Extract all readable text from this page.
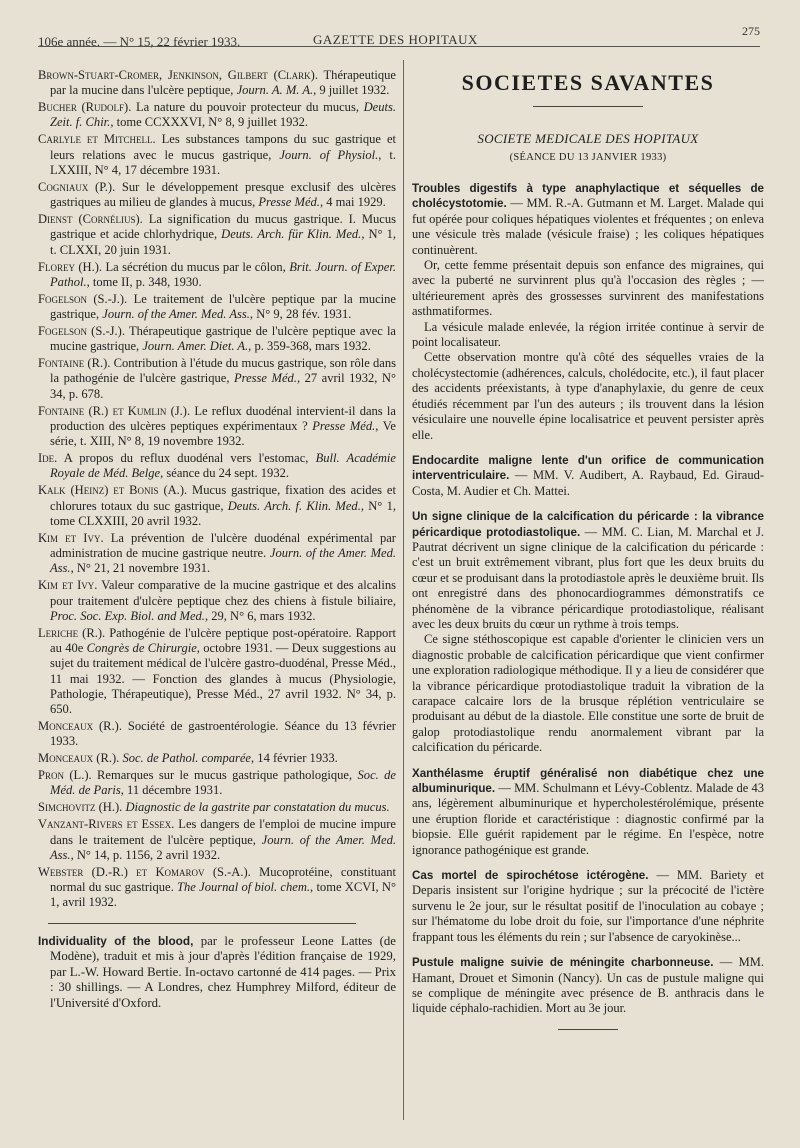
106e année. — N° 15, 22 février 1933.	GAZETTE DES HOPITAUX
275

Brown-Stuart-Cromer, Jenkinson, Gilbert (Clark). Thérapeutique par la mucine dans l'ulcère peptique, Journ. A. M. A., 9 juillet 1932.

Bucher (Rudolf). La nature du pouvoir protecteur du mucus, Deuts. Zeit. f. Chir., tome CCXXXVI, N° 8, 9 juillet 1932.

Carlyle et Mitchell. Les substances tampons du suc gastrique et leurs relations avec le mucus gastrique, Journ. of Physiol., t. LXXIII, N° 4, 17 décembre 1931.

Cogniaux (P.). Sur le développement presque exclusif des ulcères gastriques au milieu de glandes à mucus, Presse Méd., 4 mai 1929.

Dienst (Cornélius). La signification du mucus gastrique. I. Mucus gastrique et acide chlorhydrique, Deuts. Arch. für Klin. Med., N° 1, t. CLXXI, 20 juin 1931.

Florey (H.). La sécrétion du mucus par le côlon, Brit. Journ. of Exper. Pathol., tome II, p. 348, 1930.

Fogelson (S.-J.). Le traitement de l'ulcère peptique par la mucine gastrique, Journ. of the Amer. Med. Ass., N° 9, 28 fév. 1931.

Fogelson (S.-J.). Thérapeutique gastrique de l'ulcère peptique avec la mucine gastrique, Journ. Amer. Diet. A., p. 359-368, mars 1932.

Fontaine (R.). Contribution à l'étude du mucus gastrique, son rôle dans la pathogénie de l'ulcère gastrique, Presse Méd., 27 avril 1932, N° 34, p. 678.

Fontaine (R.) et Kumlin (J.). Le reflux duodénal intervient-il dans la production des ulcères peptiques expérimentaux ? Presse Méd., Ve série, t. XIII, N° 8, 19 novembre 1932.

Ide. A propos du reflux duodénal vers l'estomac, Bull. Académie Royale de Méd. Belge, séance du 24 sept. 1932.

Kalk (Heinz) et Bonis (A.). Mucus gastrique, fixation des acides et chlorures totaux du suc gastrique, Deuts. Arch. f. Klin. Med., N° 1, tome CLXXIII, 20 avril 1932.

Kim et Ivy. La prévention de l'ulcère duodénal expérimental par administration de mucine gastrique neutre. Journ. of the Amer. Med. Ass., N° 21, 21 novembre 1931.

Kim et Ivy. Valeur comparative de la mucine gastrique et des alcalins pour traitement d'ulcère peptique chez des chiens à fistule biliaire, Proc. Soc. Exp. Biol. and Med., 29, N° 6, mars 1932.

Leriche (R.). Pathogénie de l'ulcère peptique post-opératoire. Rapport au 40e Congrès de Chirurgie, octobre 1931. — Deux suggestions au sujet du traitement médical de l'ulcère gastro-duodénal, Presse Méd., 11 mai 1932. — Fonction des glandes à mucus (Physiologie, Pathologie, Thérapeutique), Presse Méd., 27 avril 1932. N° 34, p. 650.

Monceaux (R.). Société de gastroentérologie. Séance du 13 février 1933.

Monceaux (R.). Soc. de Pathol. comparée, 14 février 1933.

Pron (L.). Remarques sur le mucus gastrique pathologique, Soc. de Méd. de Paris, 11 décembre 1931.

Simchovitz (H.). Diagnostic de la gastrite par constatation du mucus.

Vanzant-Rivers et Essex. Les dangers de l'emploi de mucine impure dans le traitement de l'ulcère peptique, Journ. of the Amer. Med. Ass., N° 14, p. 1156, 2 avril 1932.

Webster (D.-R.) et Komarov (S.-A.). Mucoprotéine, constituant normal du suc gastrique. The Journal of biol. chem., tome XCVI, N° 1, avril 1932.

Individuality of the blood, par le professeur Leone Lattes (de Modène), traduit et mis à jour d'après l'édition française de 1929, par L.-W. Howard Bertie. In-octavo cartonné de 414 pages. — Prix : 30 shillings. — A Londres, chez Humphrey Milford, éditeur de l'Université d'Oxford.

SOCIETES SAVANTES
SOCIETE MEDICALE DES HOPITAUX
(SÉANCE DU 13 JANVIER 1933)

Troubles digestifs à type anaphylactique et séquelles de cholécystotomie. — MM. R.-A. Gutmann et M. Larget. Malade qui fut opérée pour coliques hépatiques violentes et fréquentes ; on enleva une vésicule très malade (vésicule fraise) ; les coliques hépatiques continuèrent.

Or, cette femme présentait depuis son enfance des migraines, qui avec la puberté ne survinrent plus qu'à l'occasion des règles ; — ultérieurement après des grossesses survinrent des manifestations asthmatiformes.

La vésicule malade enlevée, la région irritée continue à servir de point localisateur.

Cette observation montre qu'à côté des séquelles vraies de la cholécystectomie (adhérences, calculs, cholédocite, etc.), il faut placer des accidents préexistants, à type d'anaphylaxie, du genre de ceux étudiés récemment par l'un des auteurs ; ils trouvent dans la lésion vésiculaire une nouvelle épine localisatrice et peuvent persister après elle.

Endocardite maligne lente d'un orifice de communication interventriculaire. — MM. V. Audibert, A. Raybaud, Ed. Giraud-Costa, M. Audier et Ch. Mattei.

Un signe clinique de la calcification du péricarde : la vibrance péricardique protodiastolique. — MM. C. Lian, M. Marchal et J. Pautrat décrivent un signe clinique de la calcification du péricarde : c'est un bruit extrêmement vibrant, plus fort que les deux bruits du cœur et se produisant dans la protodiastole après le deuxième bruit. Ils ont enregistré dans des phonocardiogrammes démonstratifs ce phénomène de la vibrance péricardique protodiastolique, réalisant avec les deux bruits du cœur un rythme à trois temps.

Ce signe stéthoscopique est capable d'orienter le clinicien vers un diagnostic probable de calcification péricardique que vient confirmer une exploration radiologique méthodique. Il y a lieu de considérer que la vibrance péricardique protodiastolique traduit la vibration de la carapace calcaire lors de la brusque réplétion ventriculaire se produisant au début de la diastole. Elle constitue une sorte de bruit de galop protodiastolique rendu anormalement vibrant par la calcification du péricarde.

Xanthélasme éruptif généralisé non diabétique chez une albuminurique. — MM. Schulmann et Lévy-Coblentz. Malade de 43 ans, légèrement albuminurique et hypercholestérolémique, présente une éruption floride et caractéristique : diagnostic confirmé par la biopsie. Elle guérit rapidement par le régime. En l'espèce, notre ignorance pathogénique est grande.

Cas mortel de spirochétose ictérogène. — MM. Bariety et Deparis insistent sur l'origine hydrique ; sur la précocité de l'ictère survenu le 2e jour, sur le résultat positif de l'inoculation au cobaye ; sur l'hématome du lobe droit du foie, sur l'importance d'une néphrite frappant tous les éléments du rein ; sur l'absence de caryokinèse...

Pustule maligne suivie de méningite charbonneuse. — MM. Hamant, Drouet et Simonin (Nancy). Un cas de pustule maligne qui se complique de méningite avec présence de B. anthracis dans le liquide céphalo-rachidien. Mort au 3e jour.
